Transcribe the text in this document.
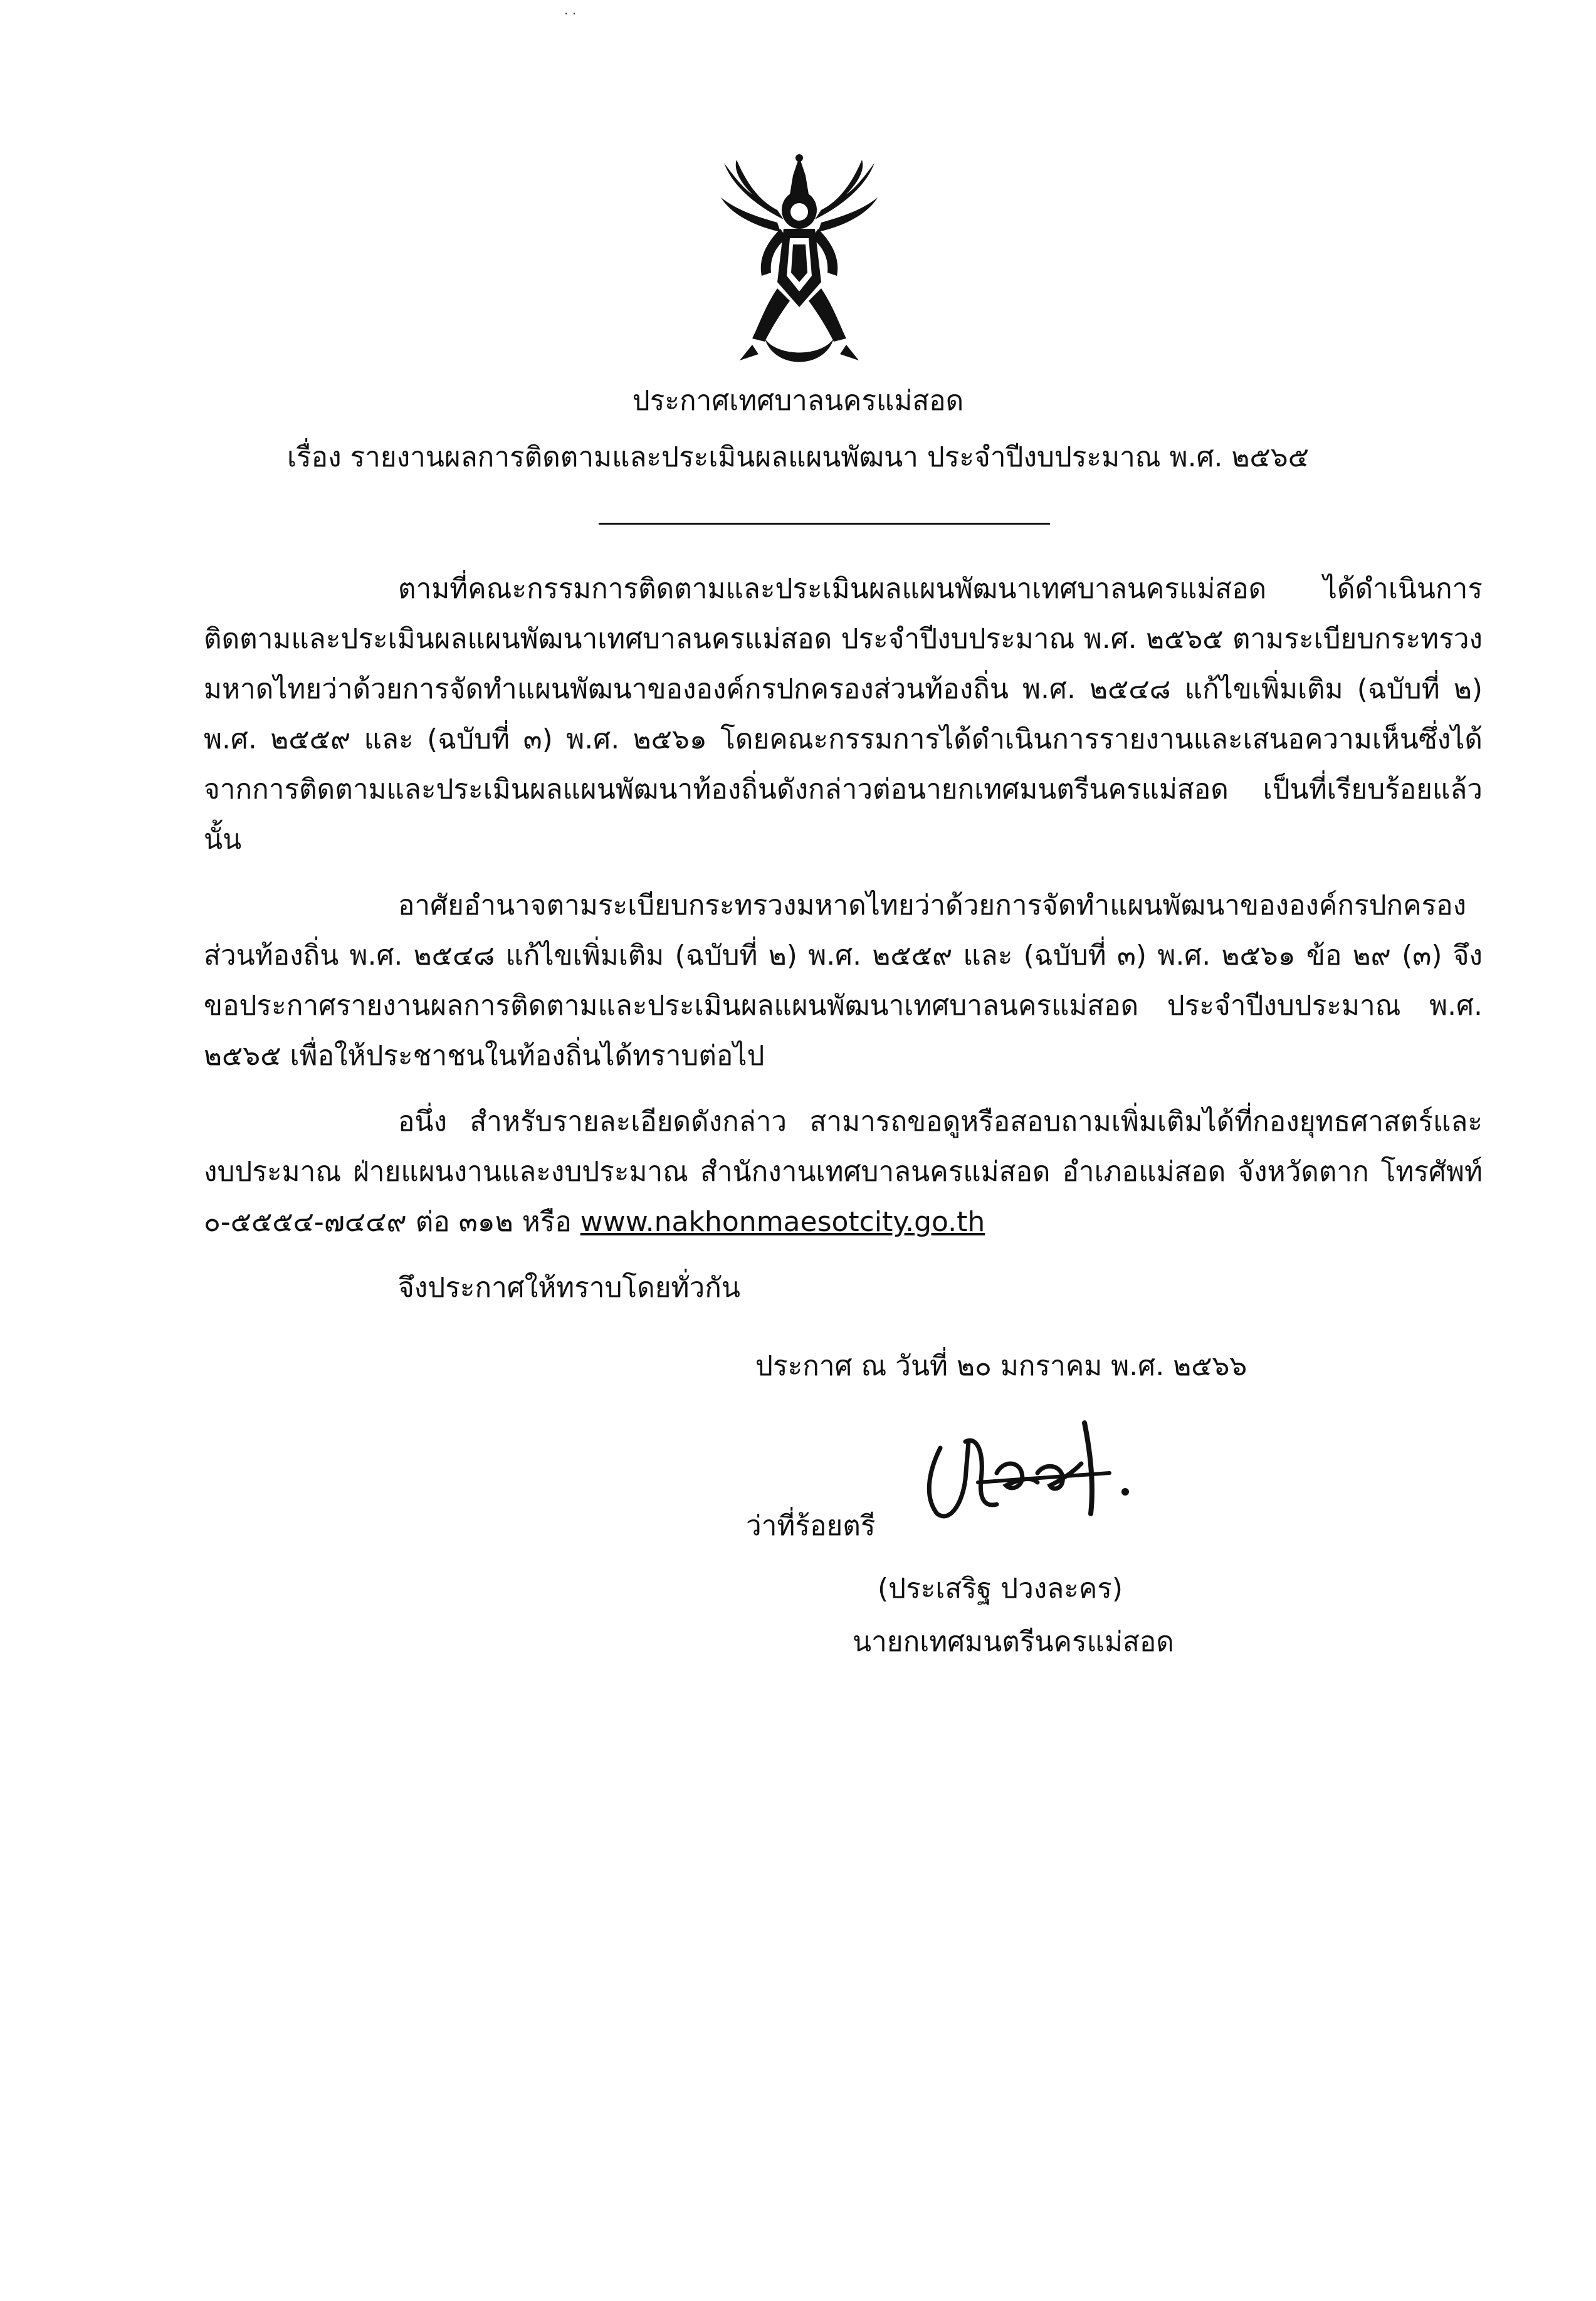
· ·
ประกาศเทศบาลนครแม่สอด
เรื่อง รายงานผลการติดตามและประเมินผลแผนพัฒนา ประจำปีงบประมาณ พ.ศ. ๒๕๖๕

ตามที่คณะกรรมการติดตามและประเมินผลแผนพัฒนาเทศบาลนครแม่สอด ได้ดำเนินการติดตามและประเมินผลแผนพัฒนาเทศบาลนครแม่สอด ประจำปีงบประมาณ พ.ศ. ๒๕๖๕ ตามระเบียบกระทรวงมหาดไทยว่าด้วยการจัดทำแผนพัฒนาขององค์กรปกครองส่วนท้องถิ่น พ.ศ. ๒๕๔๘ แก้ไขเพิ่มเติม (ฉบับที่ ๒) พ.ศ. ๒๕๕๙ และ (ฉบับที่ ๓) พ.ศ. ๒๕๖๑ โดยคณะกรรมการได้ดำเนินการรายงานและเสนอความเห็นซึ่งได้จากการติดตามและประเมินผลแผนพัฒนาท้องถิ่นดังกล่าวต่อนายกเทศมนตรีนครแม่สอด เป็นที่เรียบร้อยแล้ว นั้น

อาศัยอำนาจตามระเบียบกระทรวงมหาดไทยว่าด้วยการจัดทำแผนพัฒนาขององค์กรปกครองส่วนท้องถิ่น พ.ศ. ๒๕๔๘ แก้ไขเพิ่มเติม (ฉบับที่ ๒) พ.ศ. ๒๕๕๙ และ (ฉบับที่ ๓) พ.ศ. ๒๕๖๑ ข้อ ๒๙ (๓) จึงขอประกาศรายงานผลการติดตามและประเมินผลแผนพัฒนาเทศบาลนครแม่สอด ประจำปีงบประมาณ พ.ศ. ๒๕๖๕ เพื่อให้ประชาชนในท้องถิ่นได้ทราบต่อไป

อนึ่ง สำหรับรายละเอียดดังกล่าว สามารถขอดูหรือสอบถามเพิ่มเติมได้ที่กองยุทธศาสตร์และงบประมาณ ฝ่ายแผนงานและงบประมาณ สำนักงานเทศบาลนครแม่สอด อำเภอแม่สอด จังหวัดตาก โทรศัพท์ ๐-๕๕๕๔-๗๔๔๙ ต่อ ๓๑๒ หรือ www.nakhonmaesotcity.go.th

จึงประกาศให้ทราบโดยทั่วกัน

ประกาศ ณ วันที่ ๒๐ มกราคม พ.ศ. ๒๕๖๖
ว่าที่ร้อยตรี
(ประเสริฐ ปวงละคร)
นายกเทศมนตรีนครแม่สอด
